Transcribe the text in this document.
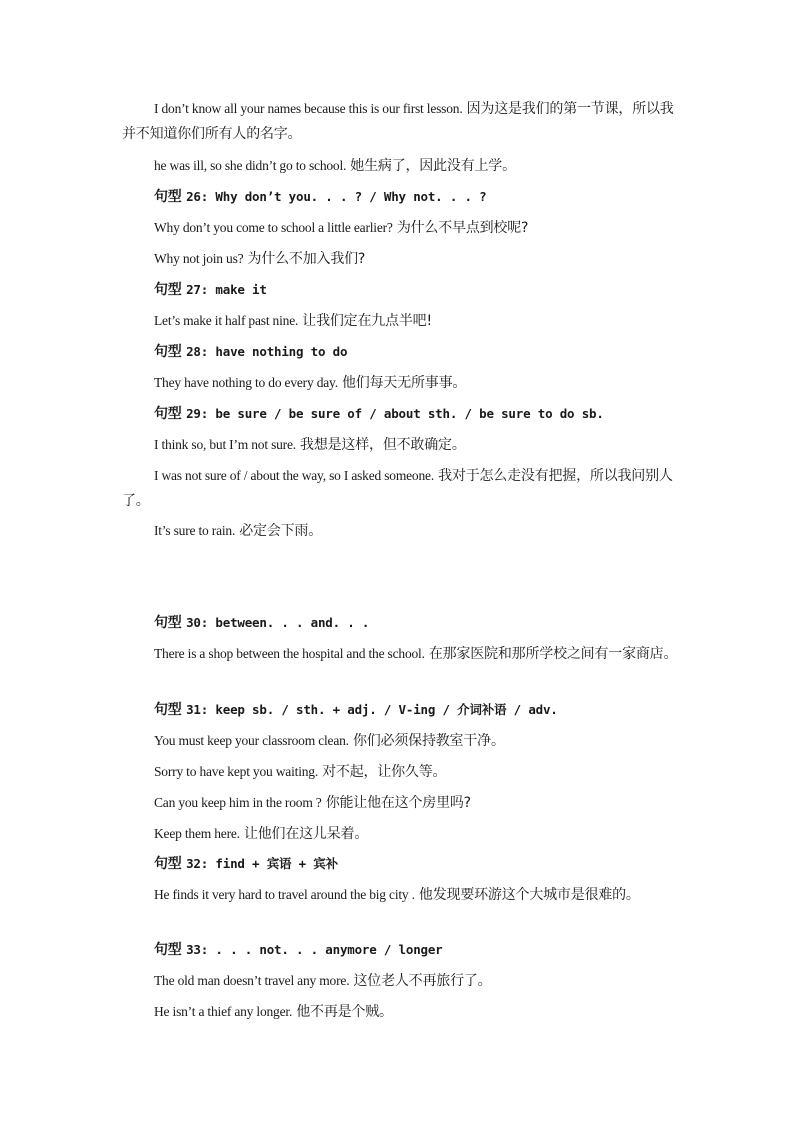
I don’t know all your names because this is our first lesson. 因为这是我们的第一节课，所以我并不知道你们所有人的名字。

he was ill, so she didn’t go to school. 她生病了，因此没有上学。

句型 26: Why don’t you. . . ? / Why not. . . ?

Why don’t you come to school a little earlier? 为什么不早点到校呢?

Why not join us? 为什么不加入我们?

句型 27: make it

Let’s make it half past nine. 让我们定在九点半吧!

句型 28: have nothing to do

They have nothing to do every day. 他们每天无所事事。

句型 29: be sure / be sure of / about sth. / be sure to do sb.

I think so, but I’m not sure. 我想是这样，但不敢确定。

I was not sure of / about the way, so I asked someone. 我对于怎么走没有把握，所以我问别人了。

It’s sure to rain. 必定会下雨。

句型 30: between. . . and. . .

There is a shop between the hospital and the school. 在那家医院和那所学校之间有一家商店。

句型 31: keep sb. / sth. + adj. / V-ing / 介词补语 / adv.

You must keep your classroom clean. 你们必须保持教室干净。

Sorry to have kept you waiting. 对不起，让你久等。

Can you keep him in the room ? 你能让他在这个房里吗?

Keep them here. 让他们在这儿呆着。

句型 32: find + 宾语 + 宾补

He finds it very hard to travel around the big city . 他发现要环游这个大城市是很难的。

句型 33: . . . not. . . anymore / longer

The old man doesn’t travel any more. 这位老人不再旅行了。

He isn’t a thief any longer. 他不再是个贼。
